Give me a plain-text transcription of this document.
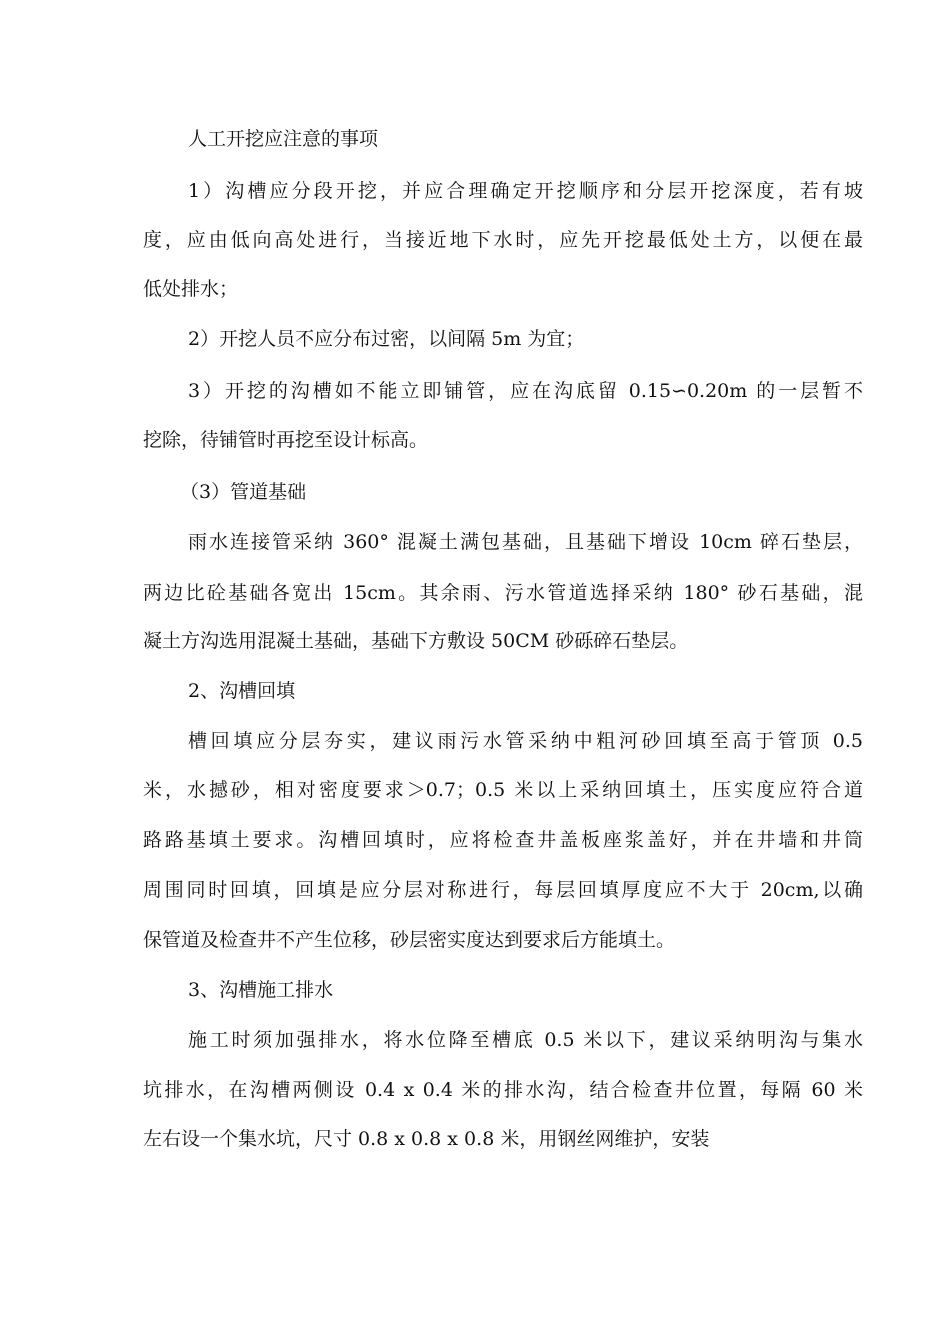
人工开挖应注意的事项
1）沟槽应分段开挖，并应合理确定开挖顺序和分层开挖深度，若有坡
度，应由低向高处进行，当接近地下水时，应先开挖最低处土方，以便在最
低处排水；
2）开挖人员不应分布过密，以间隔 5m 为宜；
3）开挖的沟槽如不能立即铺管，应在沟底留 0.15∽0.20m 的一层暂不
挖除，待铺管时再挖至设计标高。
（3）管道基础
雨水连接管采纳 360° 混凝土满包基础，且基础下增设 10cm 碎石垫层，
两边比砼基础各宽出 15cm。其余雨、污水管道选择采纳 180° 砂石基础，混
凝土方沟选用混凝土基础，基础下方敷设 50CM 砂砾碎石垫层。
2、沟槽回填
槽回填应分层夯实，建议雨污水管采纳中粗河砂回填至高于管顶 0.5
米，水撼砂，相对密度要求＞0.7；0.5 米以上采纳回填土，压实度应符合道
路路基填土要求。沟槽回填时，应将检查井盖板座浆盖好，并在井墙和井筒
周围同时回填，回填是应分层对称进行，每层回填厚度应不大于 20cm,以确
保管道及检查井不产生位移，砂层密实度达到要求后方能填土。
3、沟槽施工排水
施工时须加强排水，将水位降至槽底 0.5 米以下，建议采纳明沟与集水
坑排水，在沟槽两侧设 0.4 x 0.4 米的排水沟，结合检查井位置，每隔 60 米
左右设一个集水坑，尺寸 0.8 x 0.8 x 0.8 米，用钢丝网维护，安装
